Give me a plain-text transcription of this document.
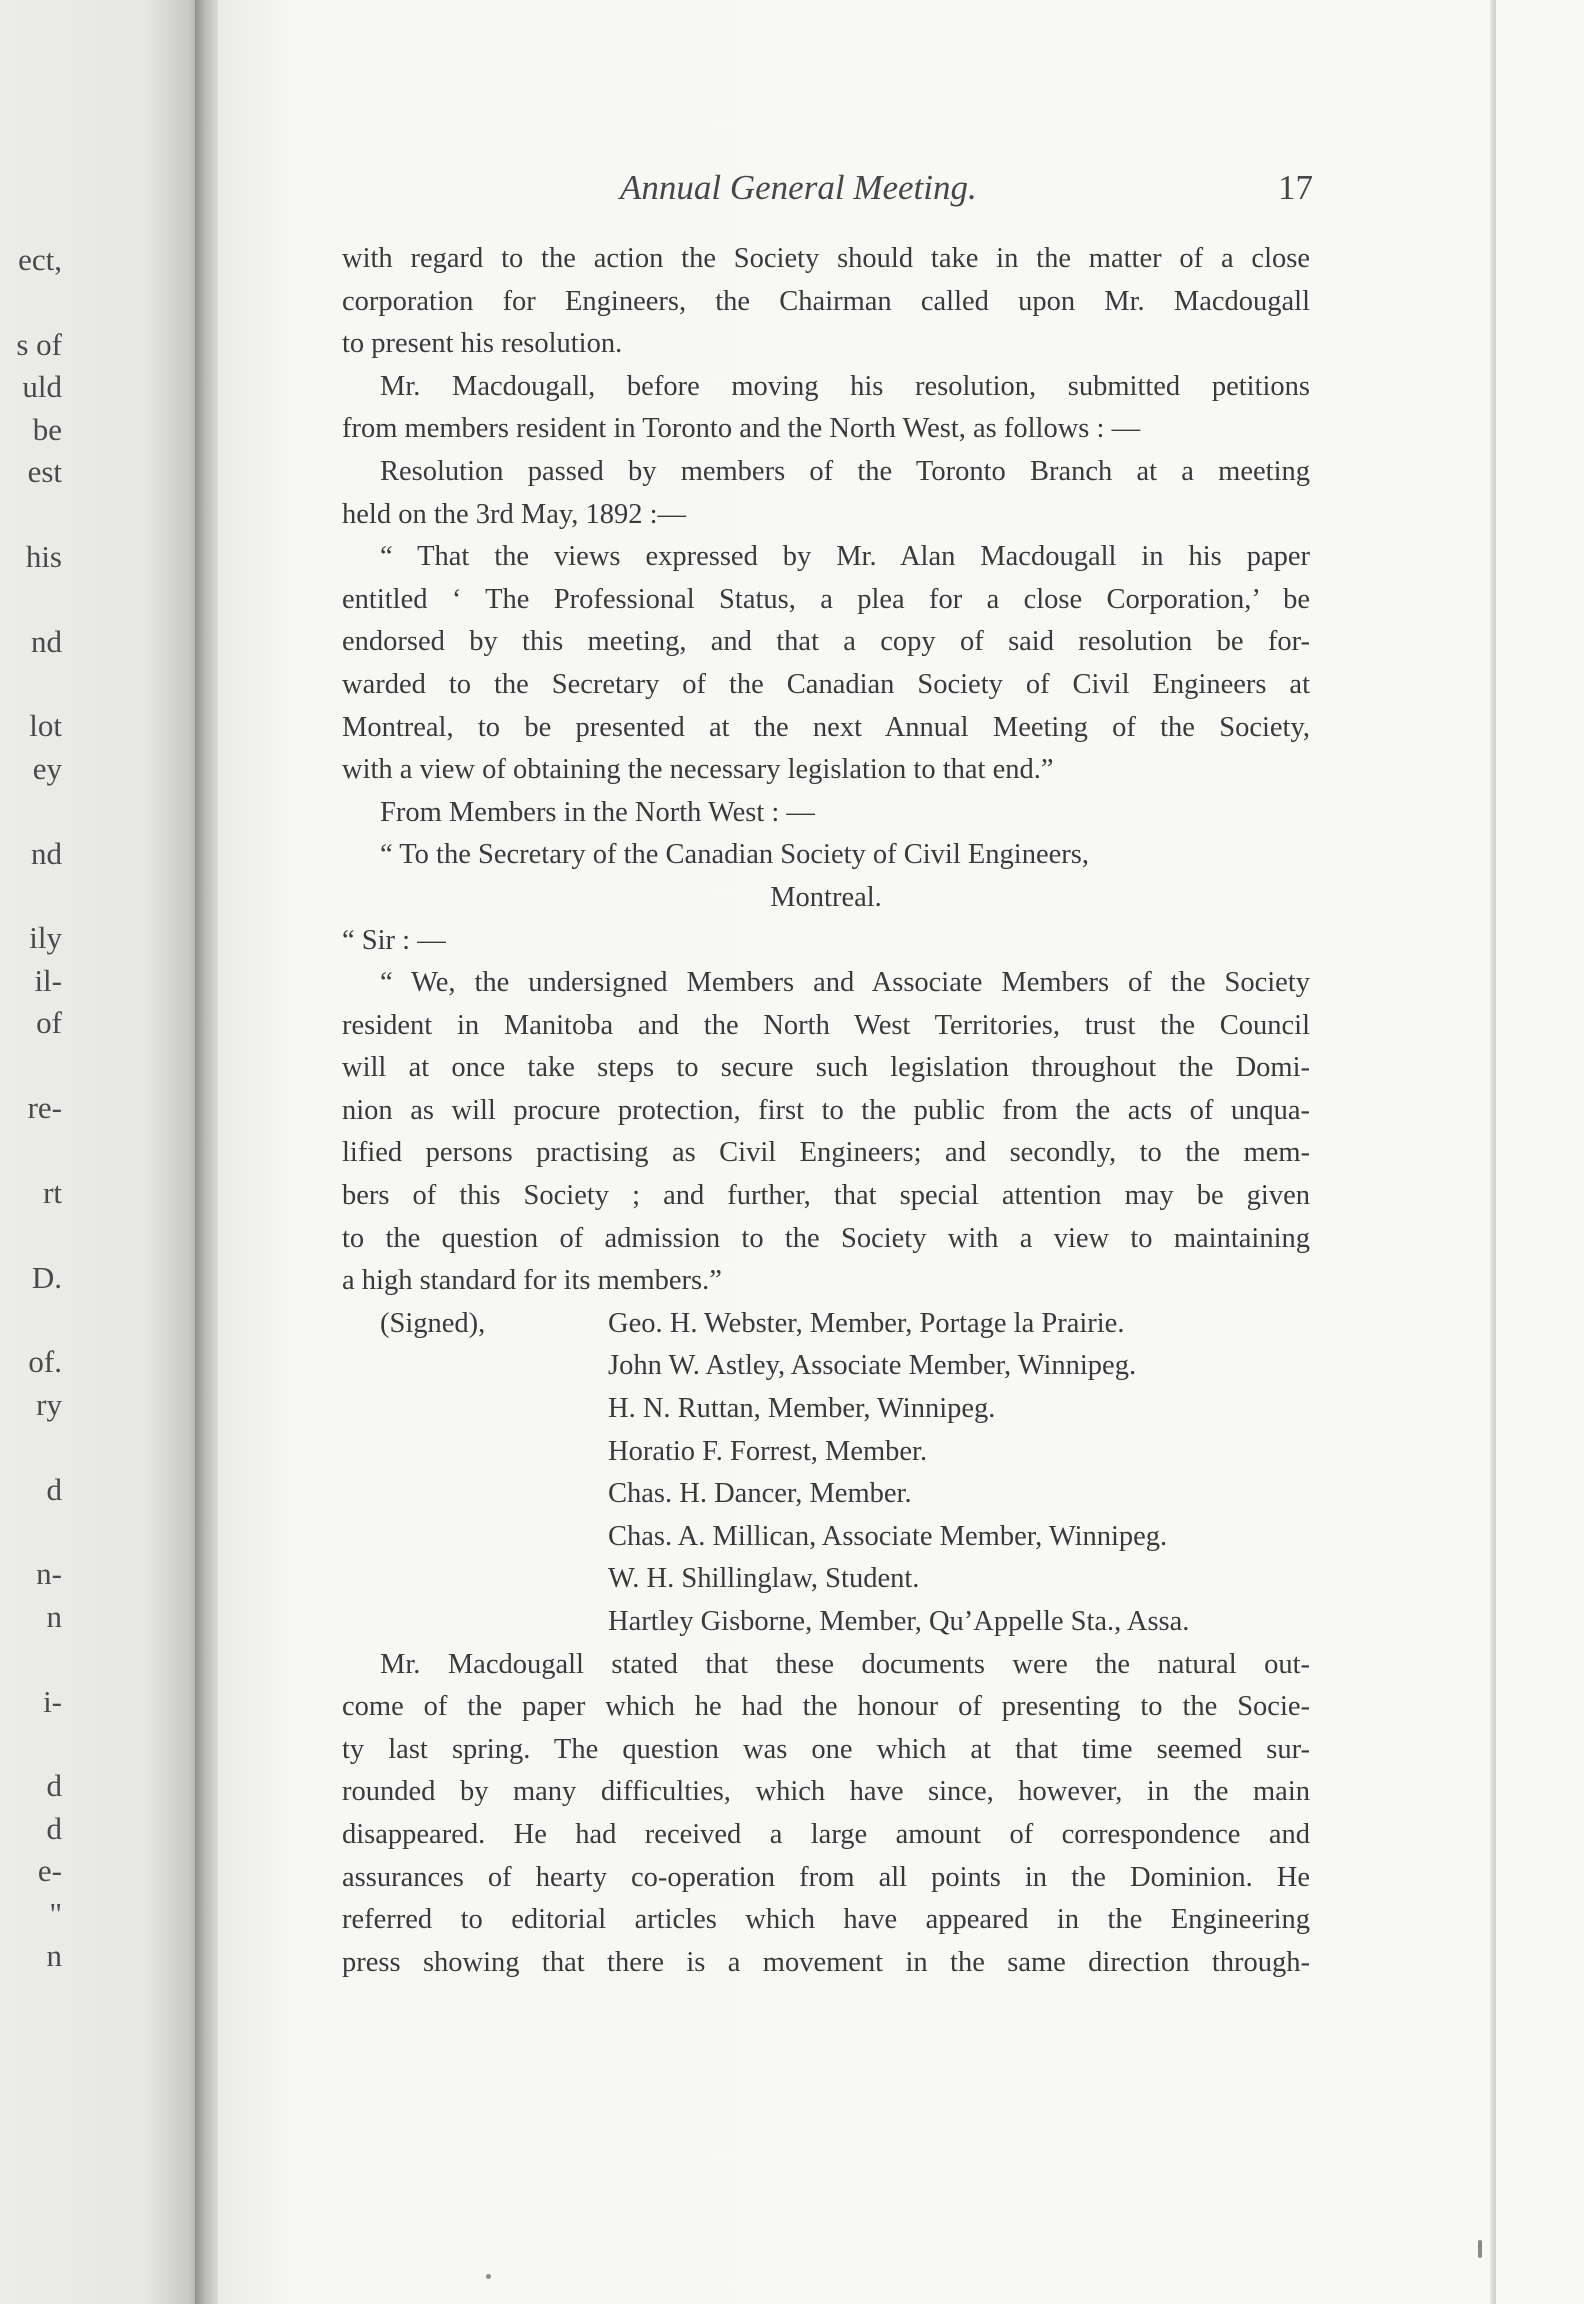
ect,
s of
uld
be
est
his
nd
lot
ey
nd
ily
il-
of
re-
rt
D.
of.
ry
d
n-
n
i-
d
d
e-
"
n
Annual General Meeting.	17
with regard to the action the Society should take in the matter of a close
corporation for Engineers, the Chairman called upon Mr. Macdougall
to present his resolution.
Mr. Macdougall, before moving his resolution, submitted petitions
from members resident in Toronto and the North West, as follows : —
Resolution passed by members of the Toronto Branch at a meeting
held on the 3rd May, 1892 :—
“ That the views expressed by Mr. Alan Macdougall in his paper
entitled ‘ The Professional Status, a plea for a close Corporation,’ be
endorsed by this meeting, and that a copy of said resolution be for-
warded to the Secretary of the Canadian Society of Civil Engineers at
Montreal, to be presented at the next Annual Meeting of the Society,
with a view of obtaining the necessary legislation to that end.”
From Members in the North West : —
“ To the Secretary of the Canadian Society of Civil Engineers,
Montreal.
“ Sir : —
“ We, the undersigned Members and Associate Members of the Society
resident in Manitoba and the North West Territories, trust the Council
will at once take steps to secure such legislation throughout the Domi-
nion as will procure protection, first to the public from the acts of unqua-
lified persons practising as Civil Engineers; and secondly, to the mem-
bers of this Society ; and further, that special attention may be given
to the question of admission to the Society with a view to maintaining
a high standard for its members.”
(Signed),	Geo. H. Webster, Member, Portage la Prairie.
John W. Astley, Associate Member, Winnipeg.
H. N. Ruttan, Member, Winnipeg.
Horatio F. Forrest, Member.
Chas. H. Dancer, Member.
Chas. A. Millican, Associate Member, Winnipeg.
W. H. Shillinglaw, Student.
Hartley Gisborne, Member, Qu’Appelle Sta., Assa.
Mr. Macdougall stated that these documents were the natural out-
come of the paper which he had the honour of presenting to the Socie-
ty last spring. The question was one which at that time seemed sur-
rounded by many difficulties, which have since, however, in the main
disappeared. He had received a large amount of correspondence and
assurances of hearty co-operation from all points in the Dominion. He
referred to editorial articles which have appeared in the Engineering
press showing that there is a movement in the same direction through-
